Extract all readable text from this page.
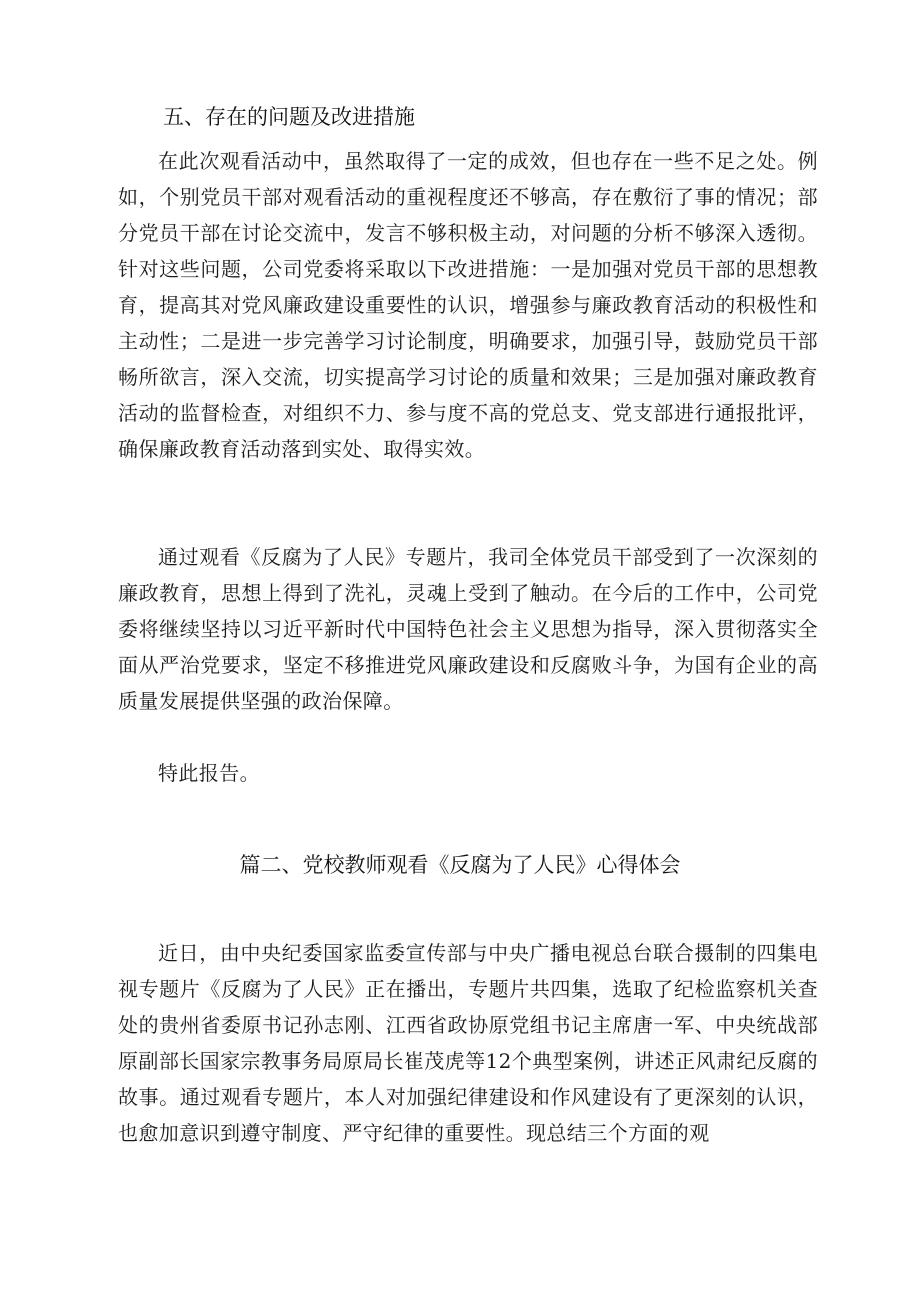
五、存在的问题及改进措施

在此次观看活动中，虽然取得了一定的成效，但也存在一些不足之处。例如，个别党员干部对观看活动的重视程度还不够高，存在敷衍了事的情况；部分党员干部在讨论交流中，发言不够积极主动，对问题的分析不够深入透彻。针对这些问题，公司党委将采取以下改进措施：一是加强对党员干部的思想教育，提高其对党风廉政建设重要性的认识，增强参与廉政教育活动的积极性和主动性；二是进一步完善学习讨论制度，明确要求，加强引导，鼓励党员干部畅所欲言，深入交流，切实提高学习讨论的质量和效果；三是加强对廉政教育活动的监督检查，对组织不力、参与度不高的党总支、党支部进行通报批评，确保廉政教育活动落到实处、取得实效。

通过观看《反腐为了人民》专题片，我司全体党员干部受到了一次深刻的廉政教育，思想上得到了洗礼，灵魂上受到了触动。在今后的工作中，公司党委将继续坚持以习近平新时代中国特色社会主义思想为指导，深入贯彻落实全面从严治党要求，坚定不移推进党风廉政建设和反腐败斗争，为国有企业的高质量发展提供坚强的政治保障。

特此报告。

篇二、党校教师观看《反腐为了人民》心得体会

近日，由中央纪委国家监委宣传部与中央广播电视总台联合摄制的四集电视专题片《反腐为了人民》正在播出，专题片共四集，选取了纪检监察机关查处的贵州省委原书记孙志刚、江西省政协原党组书记主席唐一军、中央统战部原副部长国家宗教事务局原局长崔茂虎等12个典型案例，讲述正风肃纪反腐的故事。通过观看专题片，本人对加强纪律建设和作风建设有了更深刻的认识，也愈加意识到遵守制度、严守纪律的重要性。现总结三个方面的观
